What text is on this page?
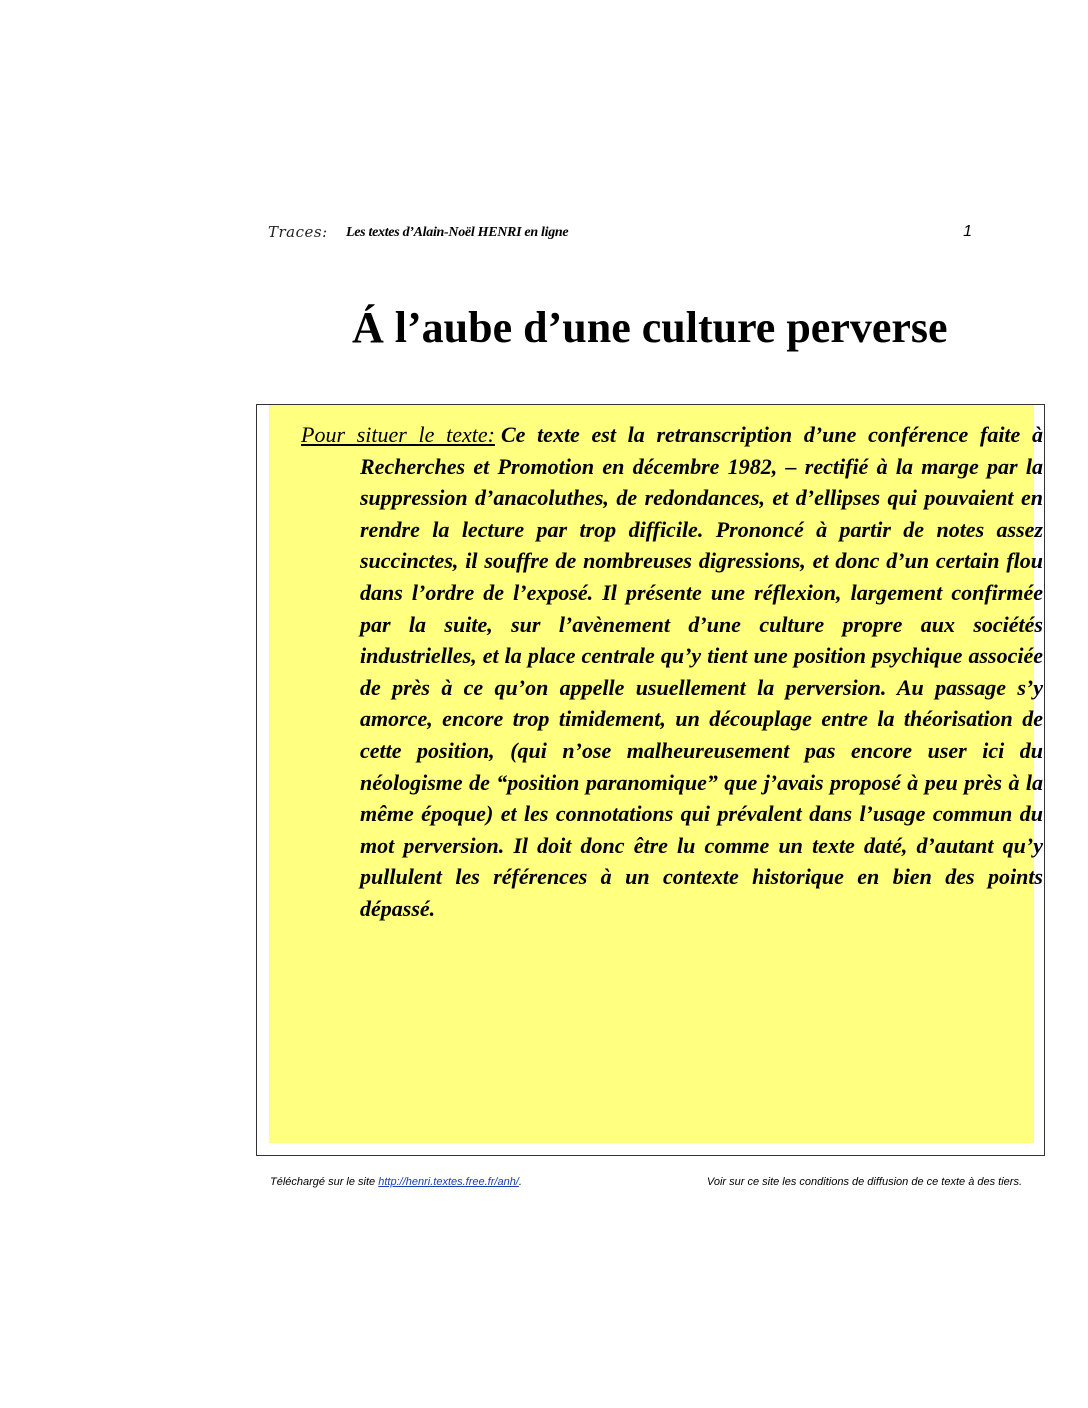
Traces: Les textes d’Alain-Noël HENRI en ligne	1
Á l’aube d’une culture perverse

Pour situer le texte: Ce texte est la retranscription d’une conférence faite à Recherches et Promotion en décembre 1982, – rectifié à la marge par la suppression d’anacoluthes, de redondances, et d’ellipses qui pouvaient en rendre la lecture par trop difficile. Prononcé à partir de notes assez succinctes, il souffre de nombreuses digressions, et donc d’un certain flou dans l’ordre de l’exposé. Il présente une réflexion, largement confirmée par la suite, sur l’avènement d’une culture propre aux sociétés industrielles, et la place centrale qu’y tient une position psychique associée de près à ce qu’on appelle usuellement la perversion. Au passage s’y amorce, encore trop timidement, un découplage entre la théorisation de cette position, (qui n’ose malheureusement pas encore user ici du néologisme de “position paranomique” que j’avais proposé à peu près à la même époque) et les connotations qui prévalent dans l’usage commun du mot perversion. Il doit donc être lu comme un texte daté, d’autant qu’y pullulent les références à un contexte historique en bien des points dépassé.

Téléchargé sur le site http://henri.textes.free.fr/anh/.	Voir sur ce site les conditions de diffusion de ce texte à des tiers.
